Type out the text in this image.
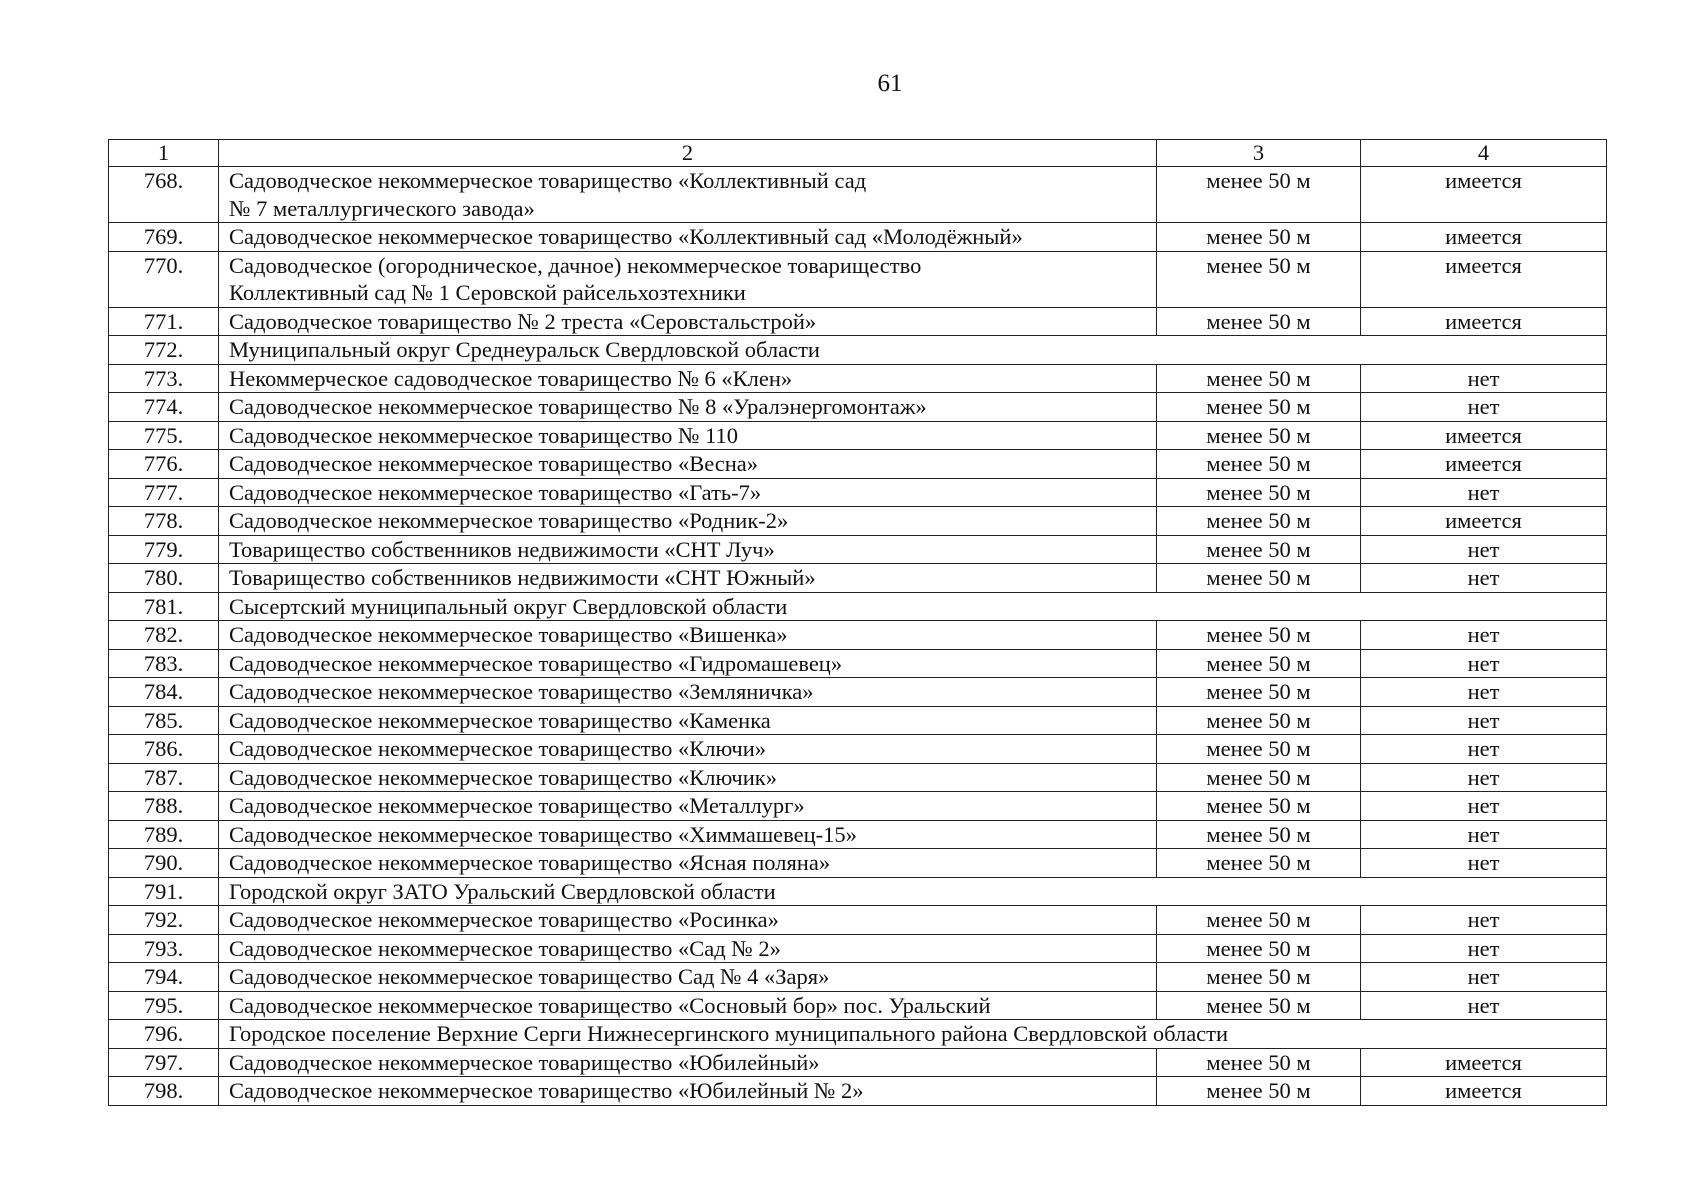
61
1	2	3	4
768.	Садоводческое некоммерческое товарищество «Коллективный сад
№ 7 металлургического завода»	менее 50 м	имеется
769.	Садоводческое некоммерческое товарищество «Коллективный сад «Молодёжный»	менее 50 м	имеется
770.	Садоводческое (огородническое, дачное) некоммерческое товарищество
Коллективный сад № 1 Серовской райсельхозтехники	менее 50 м	имеется
771.	Садоводческое товарищество № 2 треста «Серовстальстрой»	менее 50 м	имеется
772.	Муниципальный округ Среднеуральск Свердловской области		
773.	Некоммерческое садоводческое товарищество № 6 «Клен»	менее 50 м	нет
774.	Садоводческое некоммерческое товарищество № 8 «Уралэнергомонтаж»	менее 50 м	нет
775.	Садоводческое некоммерческое товарищество № 110	менее 50 м	имеется
776.	Садоводческое некоммерческое товарищество «Весна»	менее 50 м	имеется
777.	Садоводческое некоммерческое товарищество «Гать-7»	менее 50 м	нет
778.	Садоводческое некоммерческое товарищество «Родник-2»	менее 50 м	имеется
779.	Товарищество собственников недвижимости «СНТ Луч»	менее 50 м	нет
780.	Товарищество собственников недвижимости «СНТ Южный»	менее 50 м	нет
781.	Сысертский муниципальный округ Свердловской области		
782.	Садоводческое некоммерческое товарищество «Вишенка»	менее 50 м	нет
783.	Садоводческое некоммерческое товарищество «Гидромашевец»	менее 50 м	нет
784.	Садоводческое некоммерческое товарищество «Земляничка»	менее 50 м	нет
785.	Садоводческое некоммерческое товарищество «Каменка	менее 50 м	нет
786.	Садоводческое некоммерческое товарищество «Ключи»	менее 50 м	нет
787.	Садоводческое некоммерческое товарищество «Ключик»	менее 50 м	нет
788.	Садоводческое некоммерческое товарищество «Металлург»	менее 50 м	нет
789.	Садоводческое некоммерческое товарищество «Химмашевец-15»	менее 50 м	нет
790.	Садоводческое некоммерческое товарищество «Ясная поляна»	менее 50 м	нет
791.	Городской округ ЗАТО Уральский Свердловской области		
792.	Садоводческое некоммерческое товарищество «Росинка»	менее 50 м	нет
793.	Садоводческое некоммерческое товарищество «Сад № 2»	менее 50 м	нет
794.	Садоводческое некоммерческое товарищество Сад № 4 «Заря»	менее 50 м	нет
795.	Садоводческое некоммерческое товарищество «Сосновый бор» пос. Уральский	менее 50 м	нет
796.	Городское поселение Верхние Серги Нижнесергинского муниципального района Свердловской области		
797.	Садоводческое некоммерческое товарищество «Юбилейный»	менее 50 м	имеется
798.	Садоводческое некоммерческое товарищество «Юбилейный № 2»	менее 50 м	имеется
